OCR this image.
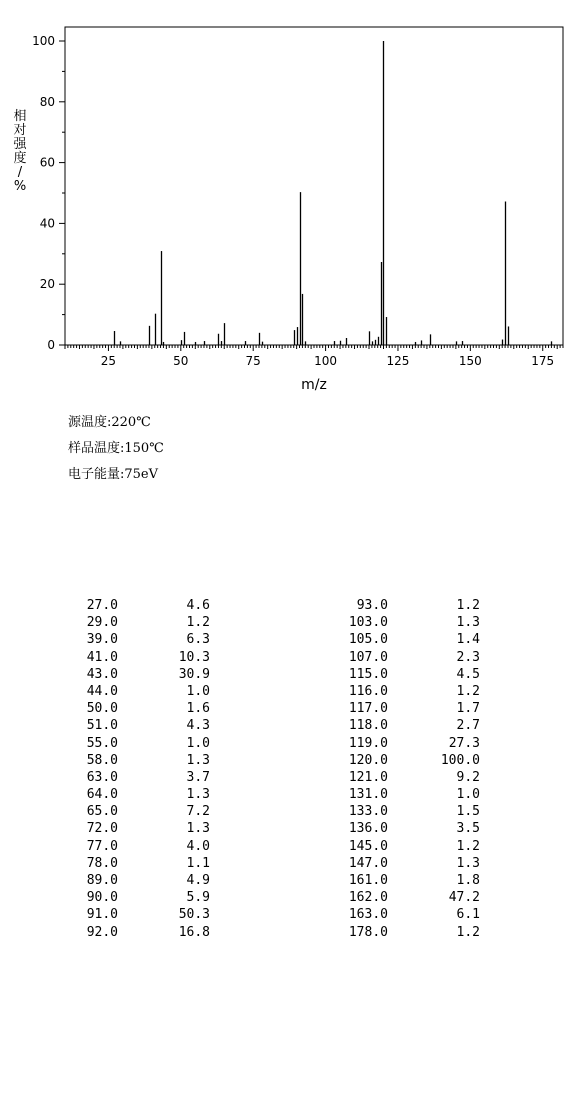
25	50	75	100	125	150	175
0
20
40
60
80
100
m/z
相对强度/ %
源温度:220℃
样品温度:150℃
电子能量:75eV
27.0	4.6
29.0	1.2
39.0	6.3
41.0	10.3
43.0	30.9
44.0	1.0
50.0	1.6
51.0	4.3
55.0	1.0
58.0	1.3
63.0	3.7
64.0	1.3
65.0	7.2
72.0	1.3
77.0	4.0
78.0	1.1
89.0	4.9
90.0	5.9
91.0	50.3
92.0	16.8
93.0	1.2
103.0	1.3
105.0	1.4
107.0	2.3
115.0	4.5
116.0	1.2
117.0	1.7
118.0	2.7
119.0	27.3
120.0	100.0
121.0	9.2
131.0	1.0
133.0	1.5
136.0	3.5
145.0	1.2
147.0	1.3
161.0	1.8
162.0	47.2
163.0	6.1
178.0	1.2
